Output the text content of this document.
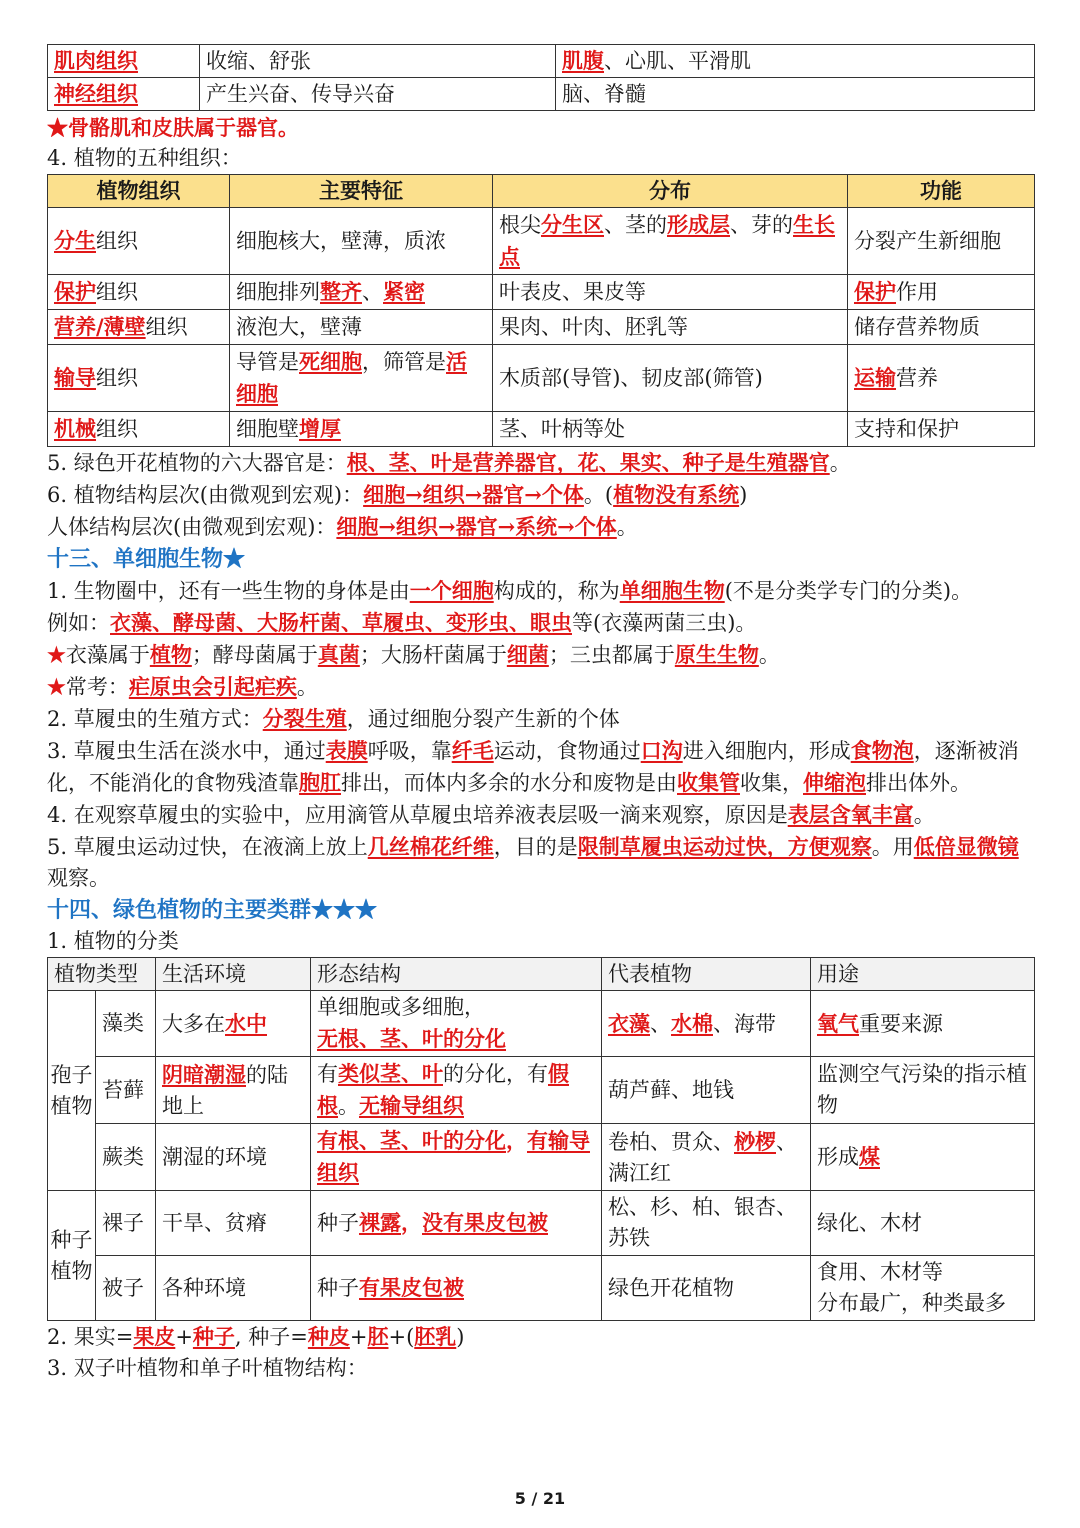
肌肉组织	收缩、舒张	肌腹、心肌、平滑肌
神经组织	产生兴奋、传导兴奋	脑、脊髓

★骨骼肌和皮肤属于器官。

4. 植物的五种组织：

植物组织	主要特征	分布	功能
分生组织	细胞核大，壁薄，质浓	根尖分生区、茎的形成层、芽的生长点	分裂产生新细胞
保护组织	细胞排列整齐、紧密	叶表皮、果皮等	保护作用
营养/薄壁组织	液泡大，壁薄	果肉、叶肉、胚乳等	储存营养物质
输导组织	导管是死细胞，筛管是活细胞	木质部(导管)、韧皮部(筛管)	运输营养
机械组织	细胞壁增厚	茎、叶柄等处	支持和保护

5. 绿色开花植物的六大器官是：根、茎、叶是营养器官，花、果实、种子是生殖器官。

6. 植物结构层次(由微观到宏观)：细胞→组织→器官→个体。(植物没有系统)

人体结构层次(由微观到宏观)：细胞→组织→器官→系统→个体。

十三、单细胞生物★

1. 生物圈中，还有一些生物的身体是由一个细胞构成的，称为单细胞生物(不是分类学专门的分类)。

例如：衣藻、酵母菌、大肠杆菌、草履虫、变形虫、眼虫等(衣藻两菌三虫)。

★衣藻属于植物；酵母菌属于真菌；大肠杆菌属于细菌；三虫都属于原生生物。

★常考：疟原虫会引起疟疾。

2. 草履虫的生殖方式：分裂生殖，通过细胞分裂产生新的个体

3. 草履虫生活在淡水中，通过表膜呼吸，靠纤毛运动，食物通过口沟进入细胞内，形成食物泡，逐渐被消化，不能消化的食物残渣靠胞肛排出，而体内多余的水分和废物是由收集管收集，伸缩泡排出体外。

4. 在观察草履虫的实验中，应用滴管从草履虫培养液表层吸一滴来观察，原因是表层含氧丰富。

5. 草履虫运动过快，在液滴上放上几丝棉花纤维，目的是限制草履虫运动过快，方便观察。用低倍显微镜观察。

十四、绿色植物的主要类群★★★

1. 植物的分类

植物类型		生活环境	形态结构	代表植物	用途
孢子植物	藻类	大多在水中	单细胞或多细胞，
无根、茎、叶的分化	衣藻、水棉、海带	氧气重要来源
	苔藓	阴暗潮湿的陆地上	有类似茎、叶的分化，有假根。无输导组织	葫芦藓、地钱	监测空气污染的指示植物
	蕨类	潮湿的环境	有根、茎、叶的分化，有输导组织	卷柏、贯众、桫椤、满江红	形成煤
种子植物	裸子	干旱、贫瘠	种子裸露，没有果皮包被	松、杉、柏、银杏、苏铁	绿化、木材
	被子	各种环境	种子有果皮包被	绿色开花植物	食用、木材等
分布最广，种类最多

2. 果实=果皮+种子, 种子=种皮+胚+(胚乳)

3. 双子叶植物和单子叶植物结构：

5 / 21
